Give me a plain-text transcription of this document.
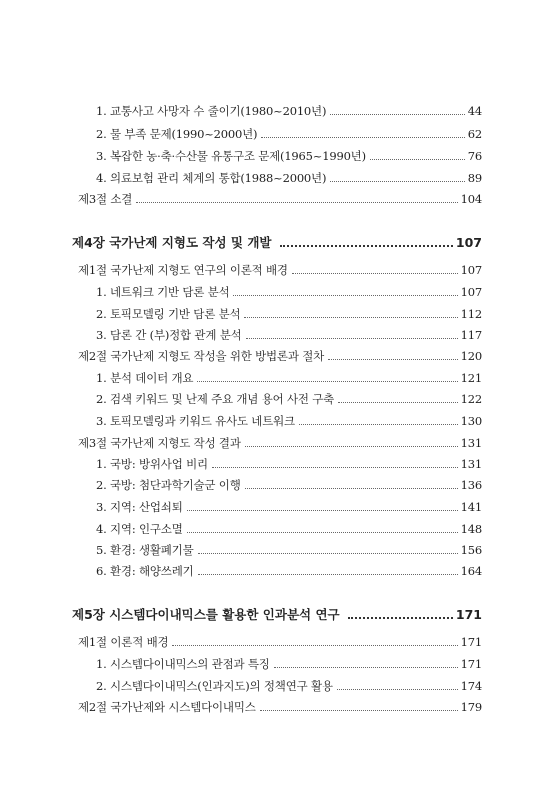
1. 교통사고 사망자 수 줄이기(1980~2010년)	44
2. 물 부족 문제(1990~2000년)	62
3. 복잡한 농·축·수산물 유통구조 문제(1965~1990년)	76
4. 의료보험 관리 체계의 통합(1988~2000년)	89
제3절 소결	104
제4장 국가난제 지형도 작성 및 개발	107
제1절 국가난제 지형도 연구의 이론적 배경	107
1. 네트워크 기반 담론 분석	107
2. 토픽모델링 기반 담론 분석	112
3. 담론 간 (부)정합 관계 분석	117
제2절 국가난제 지형도 작성을 위한 방법론과 절차	120
1. 분석 데이터 개요	121
2. 검색 키워드 및 난제 주요 개념 용어 사전 구축	122
3. 토픽모델링과 키워드 유사도 네트워크	130
제3절 국가난제 지형도 작성 결과	131
1. 국방: 방위사업 비리	131
2. 국방: 첨단과학기술군 이행	136
3. 지역: 산업쇠퇴	141
4. 지역: 인구소멸	148
5. 환경: 생활폐기물	156
6. 환경: 해양쓰레기	164
제5장 시스템다이내믹스를 활용한 인과분석 연구	171
제1절 이론적 배경	171
1. 시스템다이내믹스의 관점과 특징	171
2. 시스템다이내믹스(인과지도)의 정책연구 활용	174
제2절 국가난제와 시스템다이내믹스	179
